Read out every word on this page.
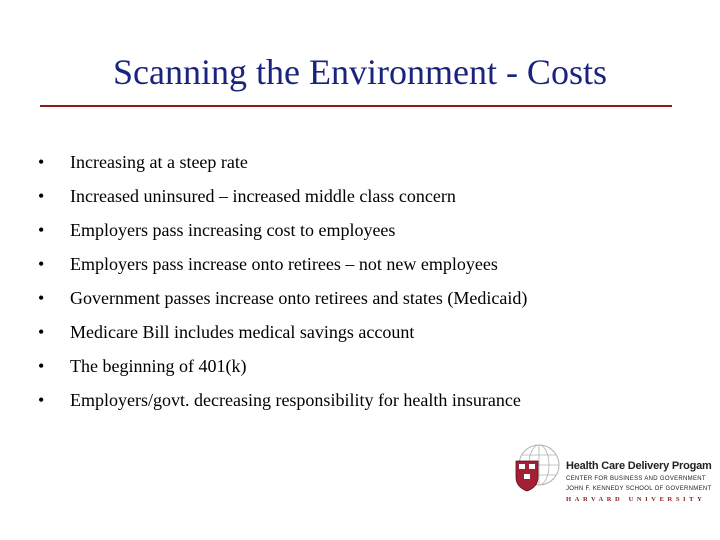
Scanning the Environment - Costs
•	Increasing at a steep rate
•	Increased uninsured – increased middle class concern
•	Employers pass increasing cost to employees
•	Employers pass increase onto retirees – not new employees
•	Government passes increase onto retirees and states (Medicaid)
•	Medicare Bill includes medical savings account
•	The beginning of 401(k)
•	Employers/govt. decreasing responsibility for health insurance
Health Care Delivery Progam
CENTER FOR BUSINESS AND GOVERNMENT
JOHN F. KENNEDY SCHOOL OF GOVERNMENT
HARVARD UNIVERSITY
